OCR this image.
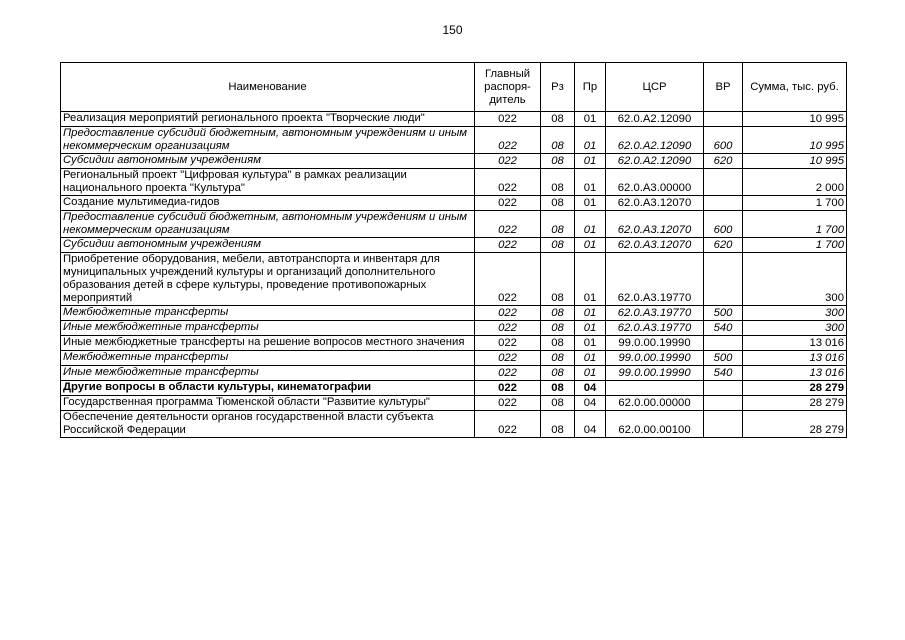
150
Наименование	Главный распоря-дитель	Рз	Пр	ЦСР	ВР	Сумма, тыс. руб.
Реализация мероприятий регионального проекта "Творческие люди"	022	08	01	62.0.А2.12090		10 995
Предоставление субсидий бюджетным, автономным учреждениям и иным некоммерческим организациям	022	08	01	62.0.А2.12090	600	10 995
Субсидии автономным учреждениям	022	08	01	62.0.А2.12090	620	10 995
Региональный проект "Цифровая культура" в рамках реализации национального проекта "Культура"	022	08	01	62.0.А3.00000		2 000
Создание мультимедиа-гидов	022	08	01	62.0.А3.12070		1 700
Предоставление субсидий бюджетным, автономным учреждениям и иным некоммерческим организациям	022	08	01	62.0.А3.12070	600	1 700
Субсидии автономным учреждениям	022	08	01	62.0.А3.12070	620	1 700
Приобретение оборудования, мебели, автотранспорта и инвентаря для муниципальных учреждений культуры и организаций дополнительного образования детей в сфере культуры, проведение противопожарных мероприятий	022	08	01	62.0.А3.19770		300
Межбюджетные трансферты	022	08	01	62.0.А3.19770	500	300
Иные межбюджетные трансферты	022	08	01	62.0.А3.19770	540	300
Иные межбюджетные трансферты на решение вопросов местного значения	022	08	01	99.0.00.19990		13 016
Межбюджетные трансферты	022	08	01	99.0.00.19990	500	13 016
Иные межбюджетные трансферты	022	08	01	99.0.00.19990	540	13 016
Другие вопросы в области культуры, кинематографии	022	08	04			28 279
Государственная программа Тюменской области "Развитие культуры"	022	08	04	62.0.00.00000		28 279
Обеспечение деятельности органов государственной власти субъекта Российской Федерации	022	08	04	62.0.00.00100		28 279
